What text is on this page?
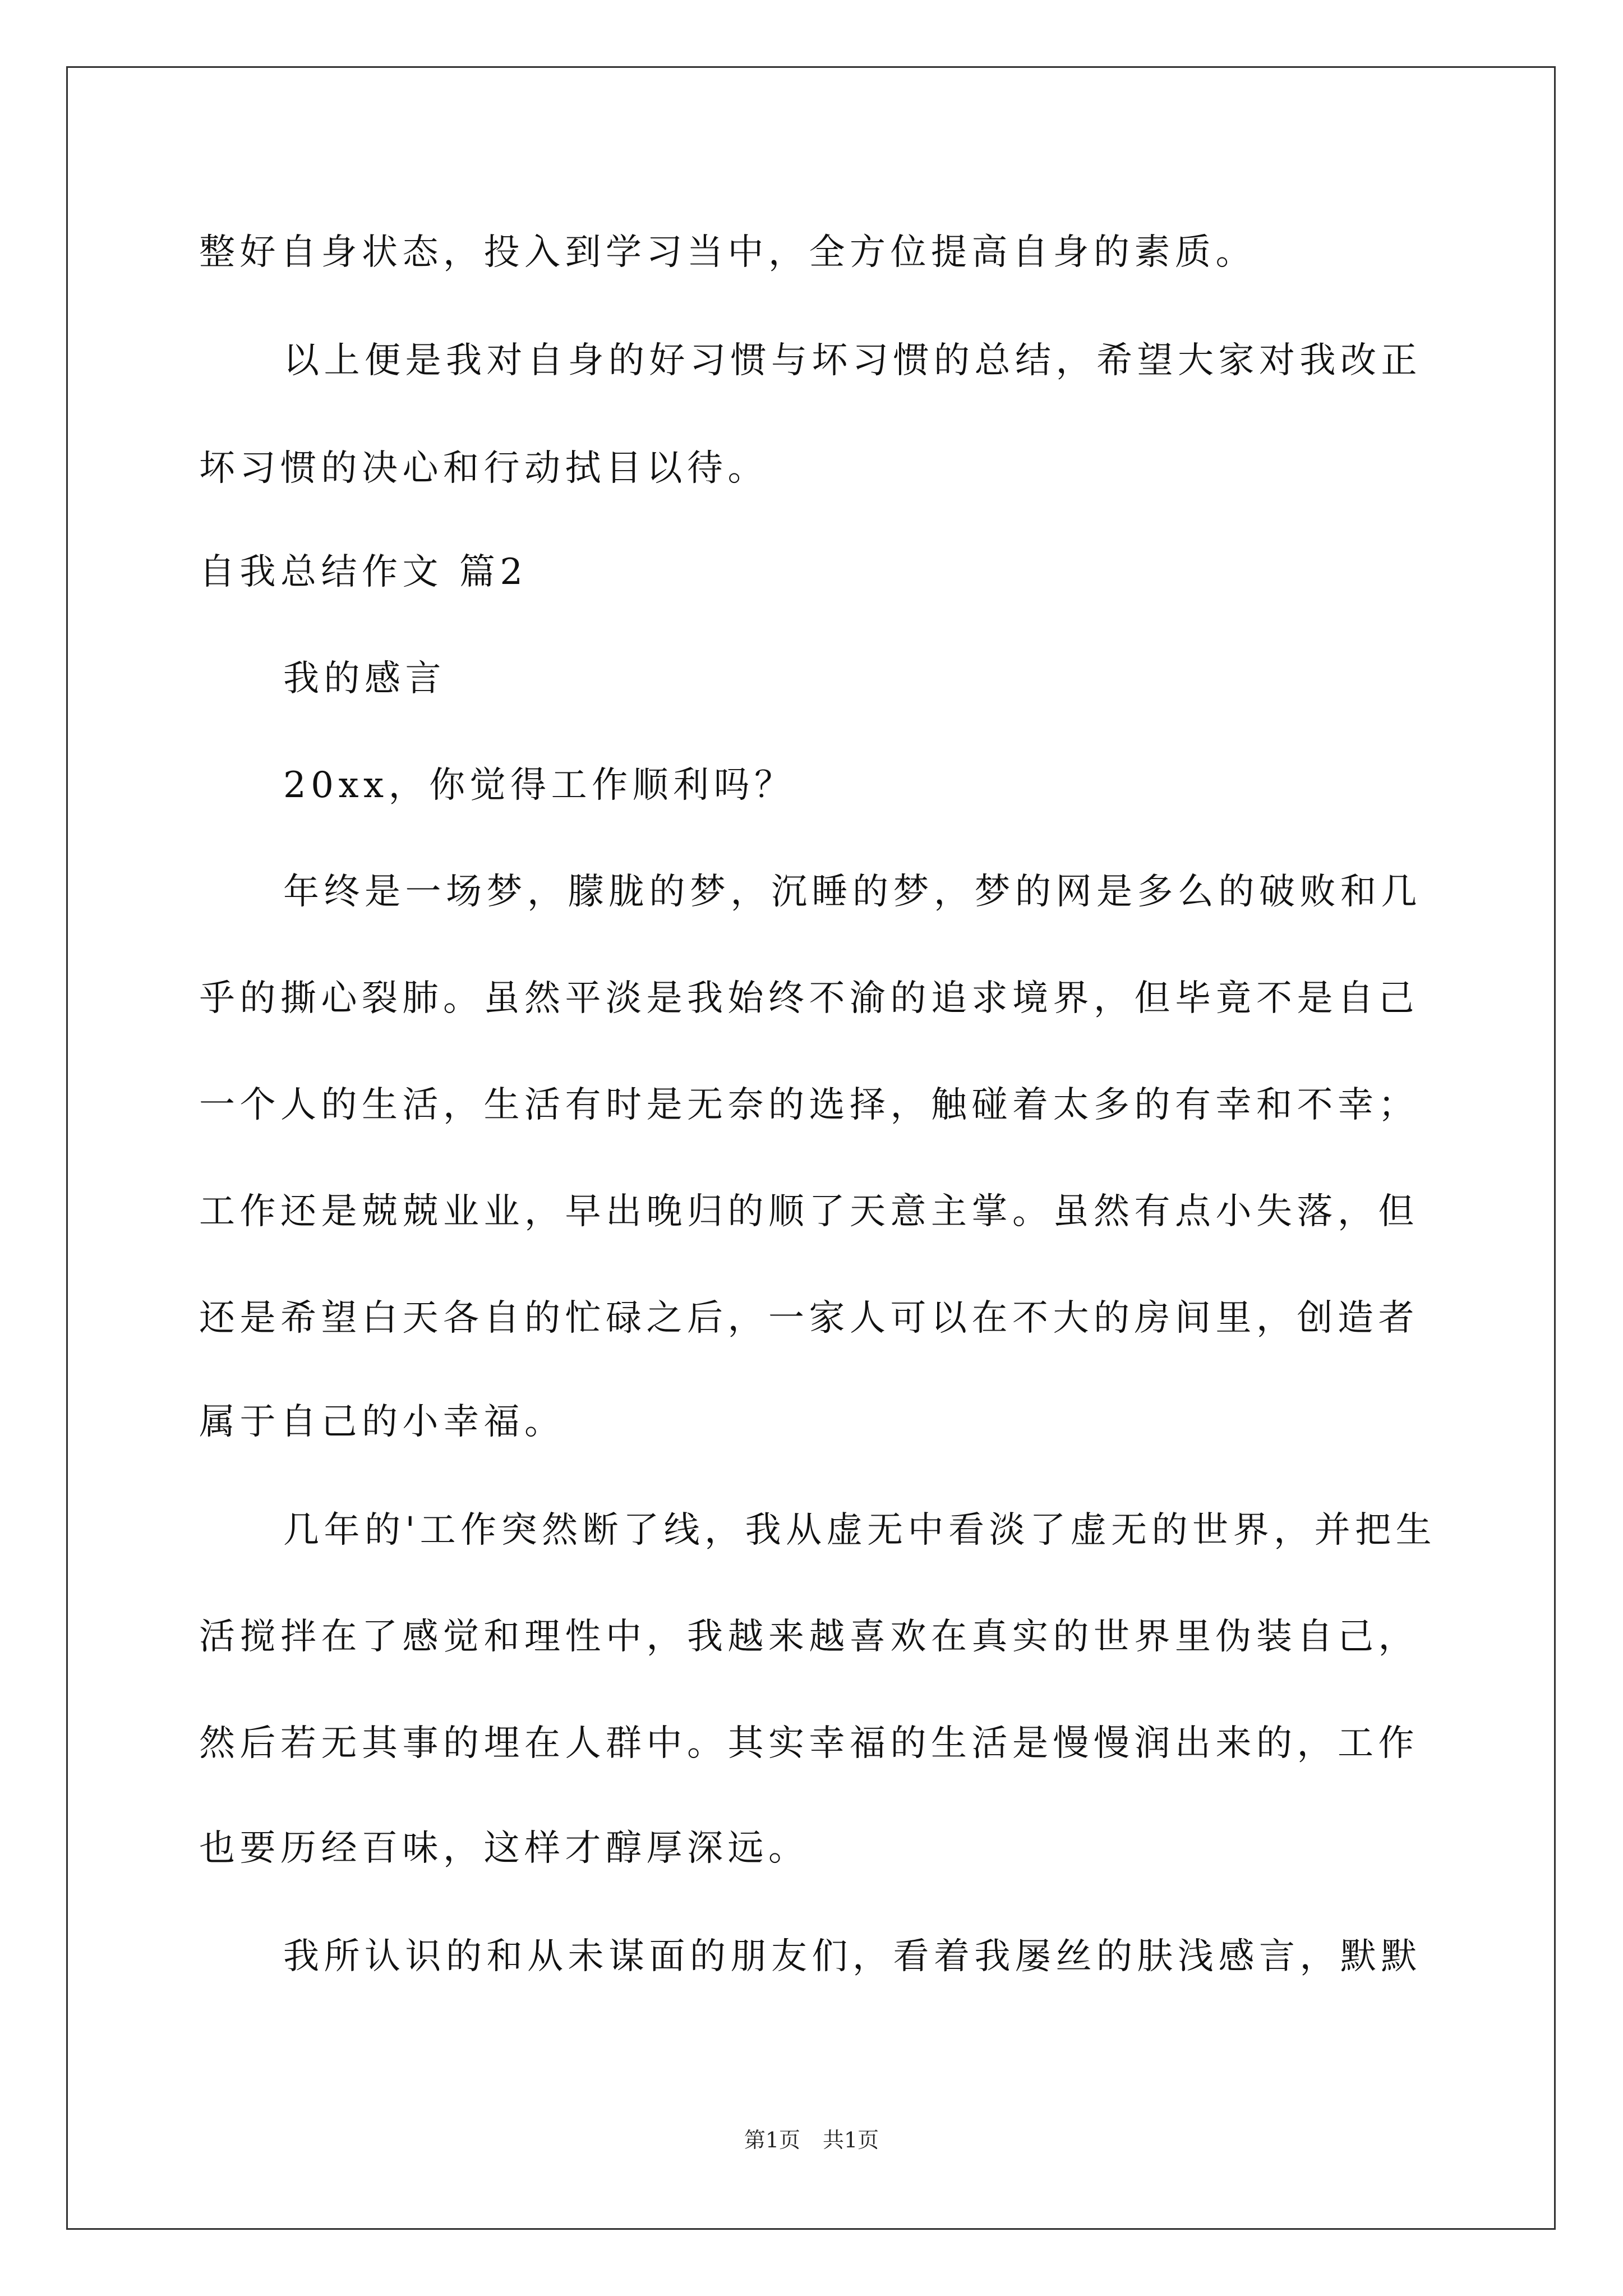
整好自身状态，投入到学习当中，全方位提高自身的素质。
以上便是我对自身的好习惯与坏习惯的总结，希望大家对我改正
坏习惯的决心和行动拭目以待。
自我总结作文 篇2
我的感言
20xx，你觉得工作顺利吗？
年终是一场梦，朦胧的梦，沉睡的梦，梦的网是多么的破败和几
乎的撕心裂肺。虽然平淡是我始终不渝的追求境界，但毕竟不是自己
一个人的生活，生活有时是无奈的选择，触碰着太多的有幸和不幸；
工作还是兢兢业业，早出晚归的顺了天意主掌。虽然有点小失落，但
还是希望白天各自的忙碌之后，一家人可以在不大的房间里，创造者
属于自己的小幸福。
几年的'工作突然断了线，我从虚无中看淡了虚无的世界，并把生
活搅拌在了感觉和理性中，我越来越喜欢在真实的世界里伪装自己，
然后若无其事的埋在人群中。其实幸福的生活是慢慢润出来的，工作
也要历经百味，这样才醇厚深远。
我所认识的和从未谋面的朋友们，看着我屡丝的肤浅感言，默默
第1页 共1页
